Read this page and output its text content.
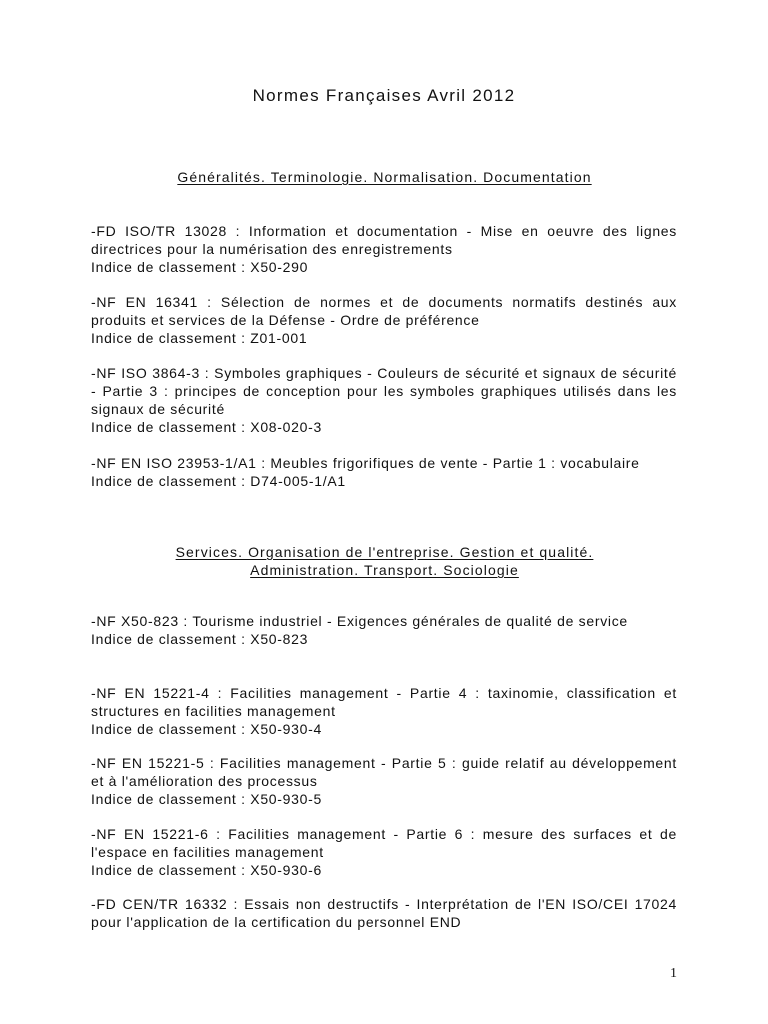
Normes Françaises Avril 2012
Généralités. Terminologie. Normalisation. Documentation
-FD ISO/TR 13028 : Information et documentation - Mise en oeuvre des lignes directrices pour la numérisation des enregistrements
Indice de classement : X50-290
-NF EN 16341 : Sélection de normes et de documents normatifs destinés aux produits et services de la Défense - Ordre de préférence
Indice de classement : Z01-001
-NF ISO 3864-3 : Symboles graphiques - Couleurs de sécurité et signaux de sécurité - Partie 3 : principes de conception pour les symboles graphiques utilisés dans les signaux de sécurité
Indice de classement : X08-020-3
-NF EN ISO 23953-1/A1 : Meubles frigorifiques de vente - Partie 1 : vocabulaire
Indice de classement : D74-005-1/A1
Services. Organisation de l'entreprise. Gestion et qualité.
Administration. Transport. Sociologie
-NF X50-823 : Tourisme industriel - Exigences générales de qualité de service
Indice de classement : X50-823
-NF EN 15221-4 : Facilities management - Partie 4 : taxinomie, classification et structures en facilities management
Indice de classement : X50-930-4
-NF EN 15221-5 : Facilities management - Partie 5 : guide relatif au développement et à l'amélioration des processus
Indice de classement : X50-930-5
-NF EN 15221-6 : Facilities management - Partie 6 : mesure des surfaces et de l'espace en facilities management
Indice de classement : X50-930-6
-FD CEN/TR 16332 : Essais non destructifs - Interprétation de l'EN ISO/CEI 17024 pour l'application de la certification du personnel END
1
